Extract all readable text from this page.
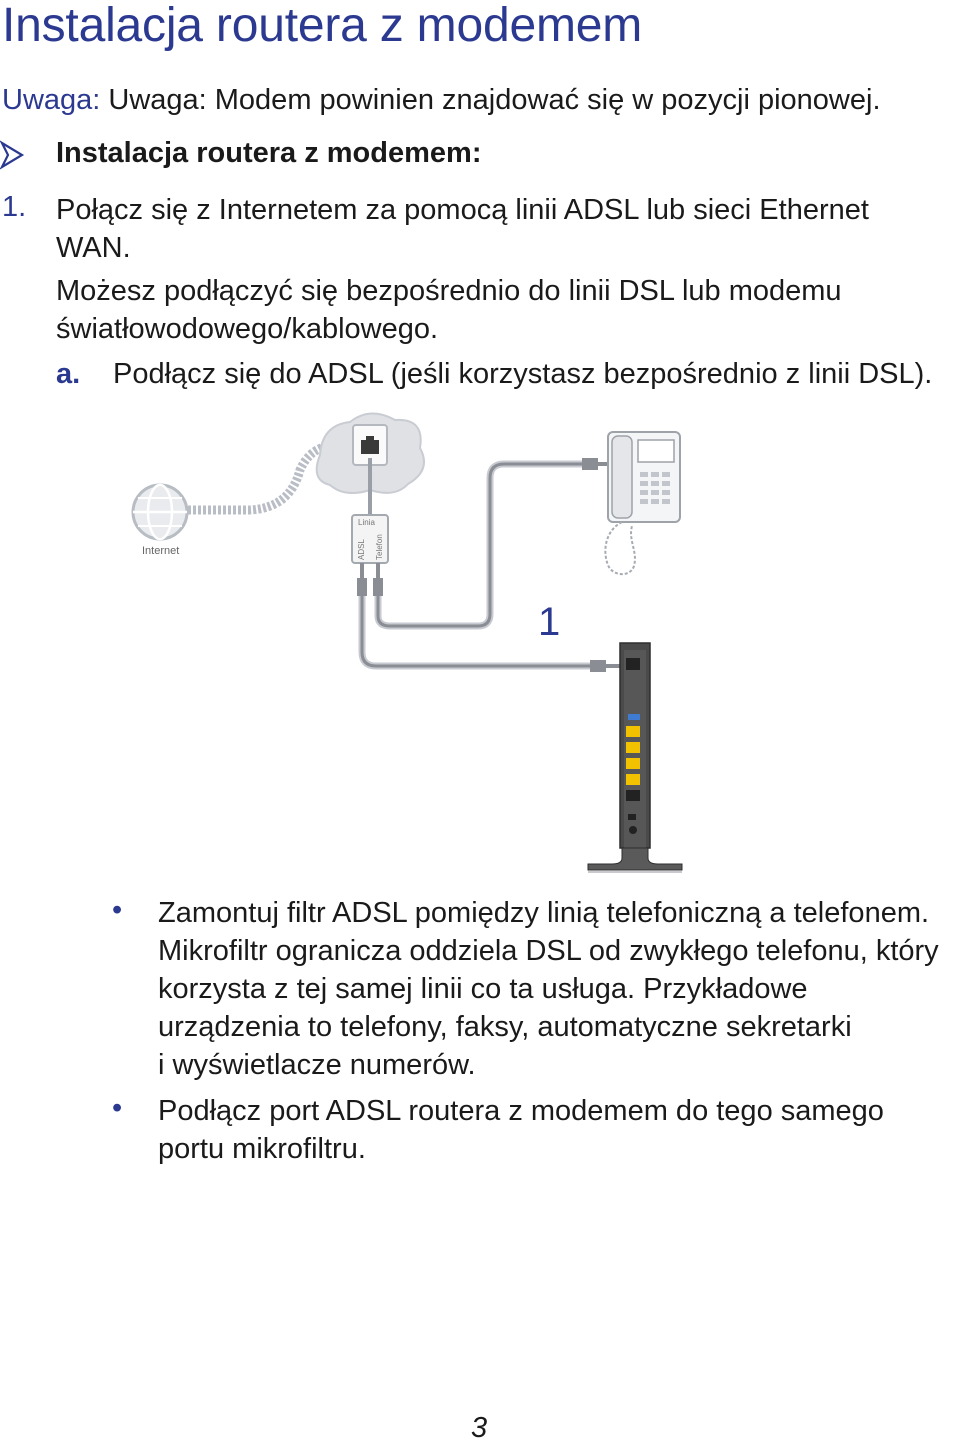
Instalacja routera z modemem
Uwaga: Uwaga: Modem powinien znajdować się w pozycji pionowej.
Instalacja routera z modemem:
1. Połącz się z Internetem za pomocą linii ADSL lub sieci Ethernet
WAN.
Możesz podłączyć się bezpośrednio do linii DSL lub modemu
światłowodowego/kablowego.
a. Podłącz się do ADSL (jeśli korzystasz bezpośrednio z linii DSL).
Internet
Linia
ADSL Telefon
1
• Zamontuj filtr ADSL pomiędzy linią telefoniczną a telefonem.
Mikrofiltr ogranicza oddziela DSL od zwykłego telefonu, który
korzysta z tej samej linii co ta usługa. Przykładowe
urządzenia to telefony, faksy, automatyczne sekretarki
i wyświetlacze numerów.
• Podłącz port ADSL routera z modemem do tego samego
portu mikrofiltru.
3
